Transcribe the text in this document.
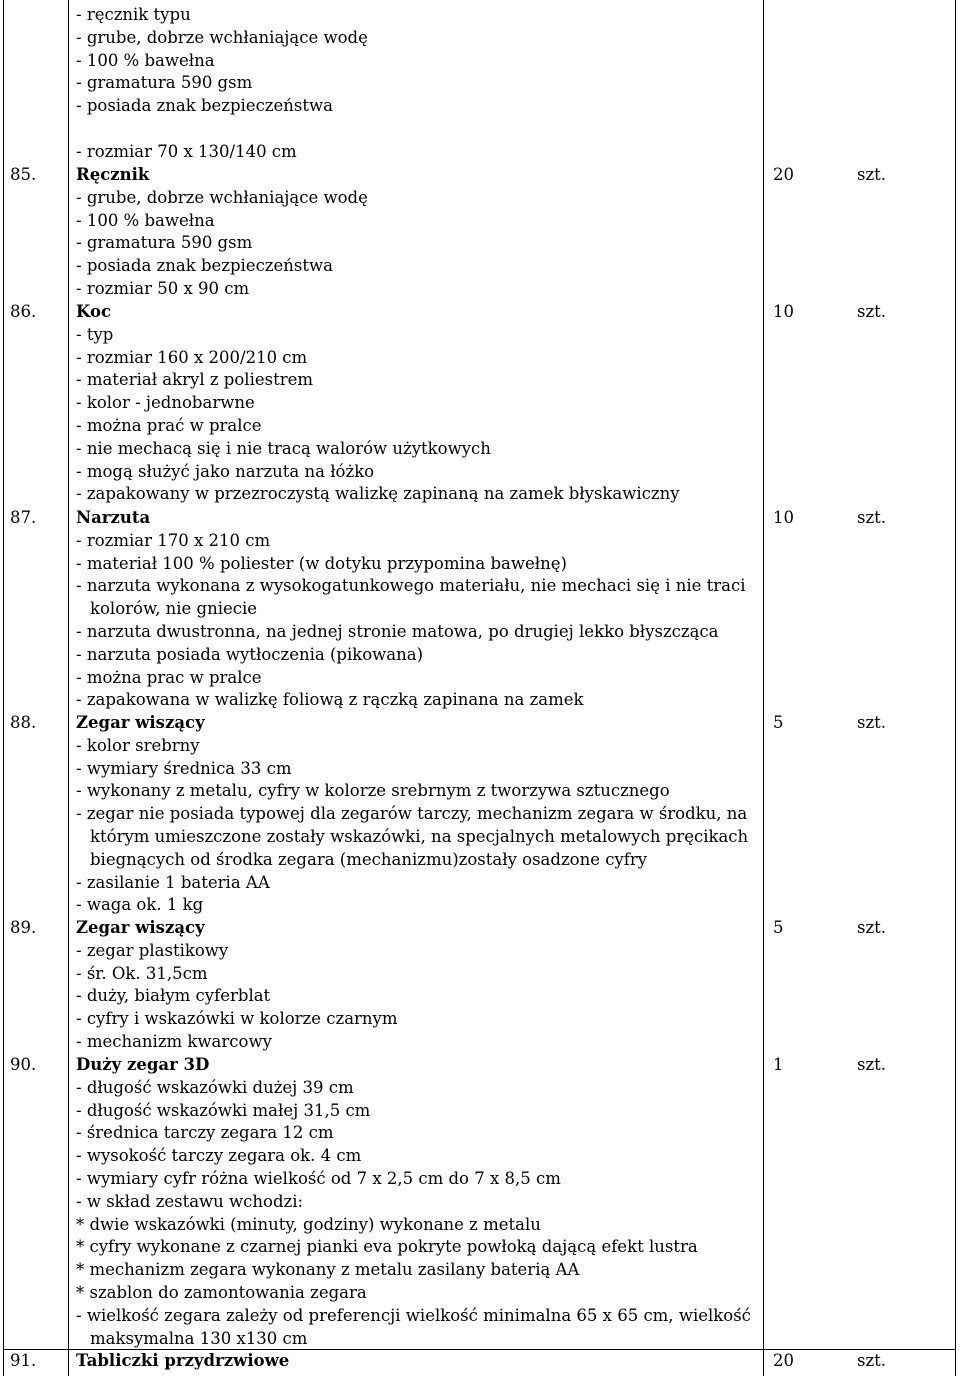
- ręcznik typu
- grube, dobrze wchłaniające wodę
- 100 % bawełna
- gramatura 590 gsm
- posiada znak bezpieczeństwa
- rozmiar 70 x 130/140 cm
85. Ręcznik
- grube, dobrze wchłaniające wodę
- 100 % bawełna
- gramatura 590 gsm
- posiada znak bezpieczeństwa
- rozmiar 50 x 90 cm
20	szt.
86. Koc
- typ
- rozmiar 160 x 200/210 cm
- materiał akryl z poliestrem
- kolor - jednobarwne
- można prać w pralce
- nie mechacą się i nie tracą walorów użytkowych
- mogą służyć jako narzuta na łóżko
- zapakowany w przezroczystą walizkę zapinaną na zamek błyskawiczny
10	szt.
87. Narzuta
- rozmiar 170 x 210 cm
- materiał 100 % poliester (w dotyku przypomina bawełnę)
- narzuta wykonana z wysokogatunkowego materiału, nie mechaci się i nie traci
kolorów, nie gniecie
- narzuta dwustronna, na jednej stronie matowa, po drugiej lekko błyszcząca
- narzuta posiada wytłoczenia (pikowana)
- można prac w pralce
- zapakowana w walizkę foliową z rączką zapinana na zamek
10	szt.
88. Zegar wiszący
- kolor srebrny
- wymiary średnica 33 cm
- wykonany z metalu, cyfry w kolorze srebrnym z tworzywa sztucznego
- zegar nie posiada typowej dla zegarów tarczy, mechanizm zegara w środku, na
którym umieszczone zostały wskazówki, na specjalnych metalowych pręcikach
biegnących od środka zegara (mechanizmu)zostały osadzone cyfry
- zasilanie 1 bateria AA
- waga ok. 1 kg
5	szt.
89. Zegar wiszący
- zegar plastikowy
- śr. Ok. 31,5cm
- duży, białym cyferblat
- cyfry i wskazówki w kolorze czarnym
- mechanizm kwarcowy
5	szt.
90. Duży zegar 3D
- długość wskazówki dużej 39 cm
- długość wskazówki małej 31,5 cm
- średnica tarczy zegara 12 cm
- wysokość tarczy zegara ok. 4 cm
- wymiary cyfr różna wielkość od 7 x 2,5 cm do 7 x 8,5 cm
- w skład zestawu wchodzi:
* dwie wskazówki (minuty, godziny) wykonane z metalu
* cyfry wykonane z czarnej pianki eva pokryte powłoką dającą efekt lustra
* mechanizm zegara wykonany z metalu zasilany baterią AA
* szablon do zamontowania zegara
- wielkość zegara zależy od preferencji wielkość minimalna 65 x 65 cm, wielkość
maksymalna 130 x130 cm
1	szt.
91. Tabliczki przydrzwiowe	20	szt.
